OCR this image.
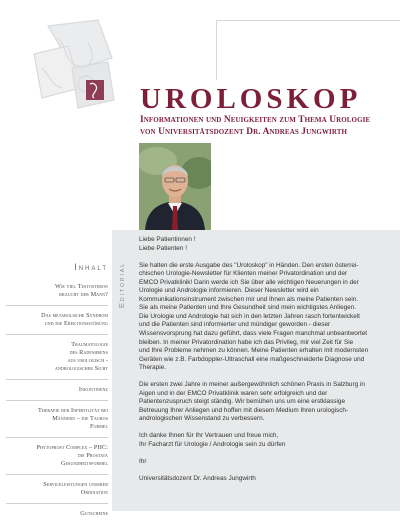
UROLOSKOP
Informationen und Neuigkeiten zum Thema Urologie
von Universitätsdozent Dr. Andreas Jungwirth
Editorial
Inhalt
Wie viel Testosteron
braucht der Mann?
Das metabolische Syndrom
und die Erektionsstörung
Traumatologie
des Radfahrens
aus urologisch -
andrologischer Sicht
Inkontinenz
Therapie der Infertilität bei
Männern – die Tauros
Formel
Phytoprost Complex – PHC:
die Prostata
Gesundheitsformel
Serviceleistungen unserer
Ordination
Gutscheine

Liebe Patientinnen !
Liebe Patienten !

Sie halten die erste Ausgabe des "Uroloskop" in Händen. Den ersten österrei-
chischen Urologie-Newsletter für Klienten meiner Privatordination und der
EMCO Privatklinik! Darin werde ich Sie über alle wichtigen Neuerungen in der
Urologie und Andrologie informieren. Dieser Newsletter wird ein
Kommunikationsinstrument zwischen mir und Ihnen als meine Patienten sein.
Sie als meine Patienten und Ihre Gesundheit sind mein wichtigstes Anliegen.
Die Urologie und Andrologie hat sich in den letzten Jahren rasch fortentwickelt
und die Patienten sind informierter und mündiger geworden - dieser
Wissensvorsprung hat dazu geführt, dass viele Fragen manchmal unbeantwortet
bleiben. In meiner Privatordination habe ich das Privileg, mir viel Zeit für Sie
und Ihre Probleme nehmen zu können. Meine Patienten erhalten mit modernsten
Geräten wie z.B. Farbdoppler-Ultraschall eine maßgeschneiderte Diagnose und
Therapie.

Die ersten zwei Jahre in meiner außergewöhnlich schönen Praxis in Salzburg in
Aigen und in der EMCO Privatklinik waren sehr erfolgreich und der
Patientenzuspruch steigt ständig. Wir bemühen uns um eine erstklassige
Betreuung Ihrer Anliegen und hoffen mit diesem Medium Ihren urologisch-
andrologischen Wissenstand zu verbessern.

Ich danke Ihnen für Ihr Vertrauen und freue mich,
Ihr Facharzt für Urologie / Andrologie sein zu dürfen

Ihr

Universitätsdozent Dr. Andreas Jungwirth
